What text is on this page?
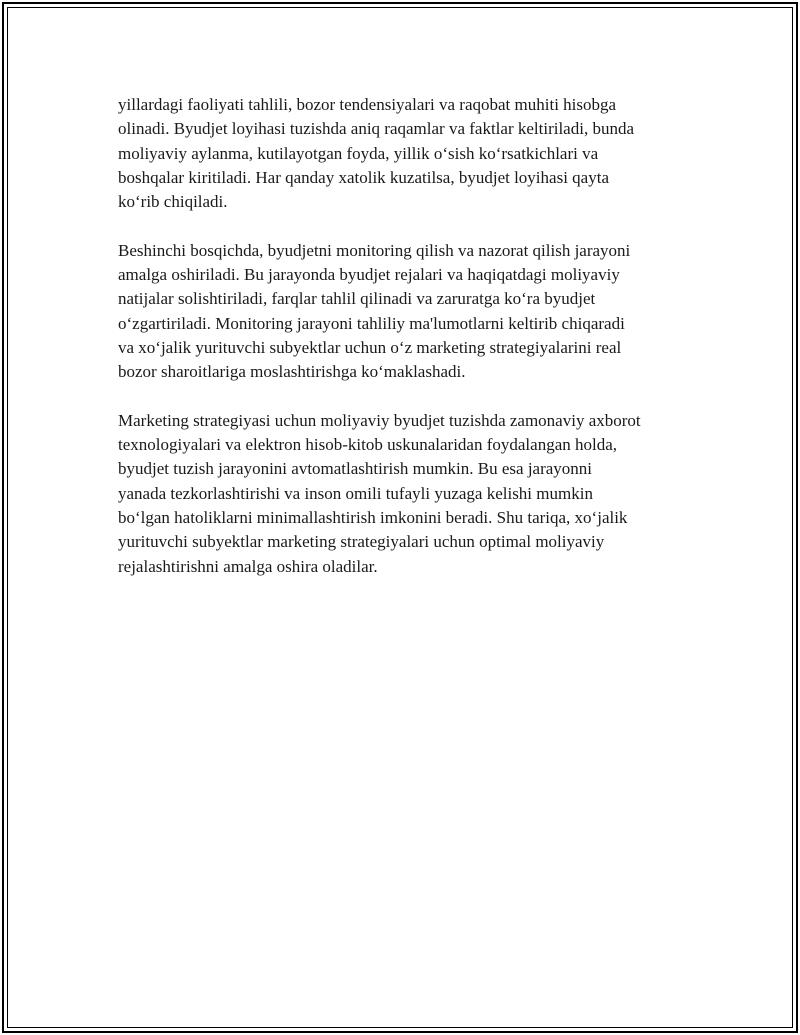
yillardagi faoliyati tahlili, bozor tendensiyalari va raqobat muhiti hisobga
olinadi. Byudjet loyihasi tuzishda aniq raqamlar va faktlar keltiriladi, bunda
moliyaviy aylanma, kutilayotgan foyda, yillik o‘sish ko‘rsatkichlari va
boshqalar kiritiladi. Har qanday xatolik kuzatilsa, byudjet loyihasi qayta
ko‘rib chiqiladi.

Beshinchi bosqichda, byudjetni monitoring qilish va nazorat qilish jarayoni
amalga oshiriladi. Bu jarayonda byudjet rejalari va haqiqatdagi moliyaviy
natijalar solishtiriladi, farqlar tahlil qilinadi va zaruratga ko‘ra byudjet
o‘zgartiriladi. Monitoring jarayoni tahliliy ma'lumotlarni keltirib chiqaradi
va xo‘jalik yurituvchi subyektlar uchun o‘z marketing strategiyalarini real
bozor sharoitlariga moslashtirishga ko‘maklashadi.

Marketing strategiyasi uchun moliyaviy byudjet tuzishda zamonaviy axborot
texnologiyalari va elektron hisob-kitob uskunalaridan foydalangan holda,
byudjet tuzish jarayonini avtomatlashtirish mumkin. Bu esa jarayonni
yanada tezkorlashtirishi va inson omili tufayli yuzaga kelishi mumkin
bo‘lgan hatoliklarni minimallashtirish imkonini beradi. Shu tariqa, xo‘jalik
yurituvchi subyektlar marketing strategiyalari uchun optimal moliyaviy
rejalashtirishni amalga oshira oladilar.
